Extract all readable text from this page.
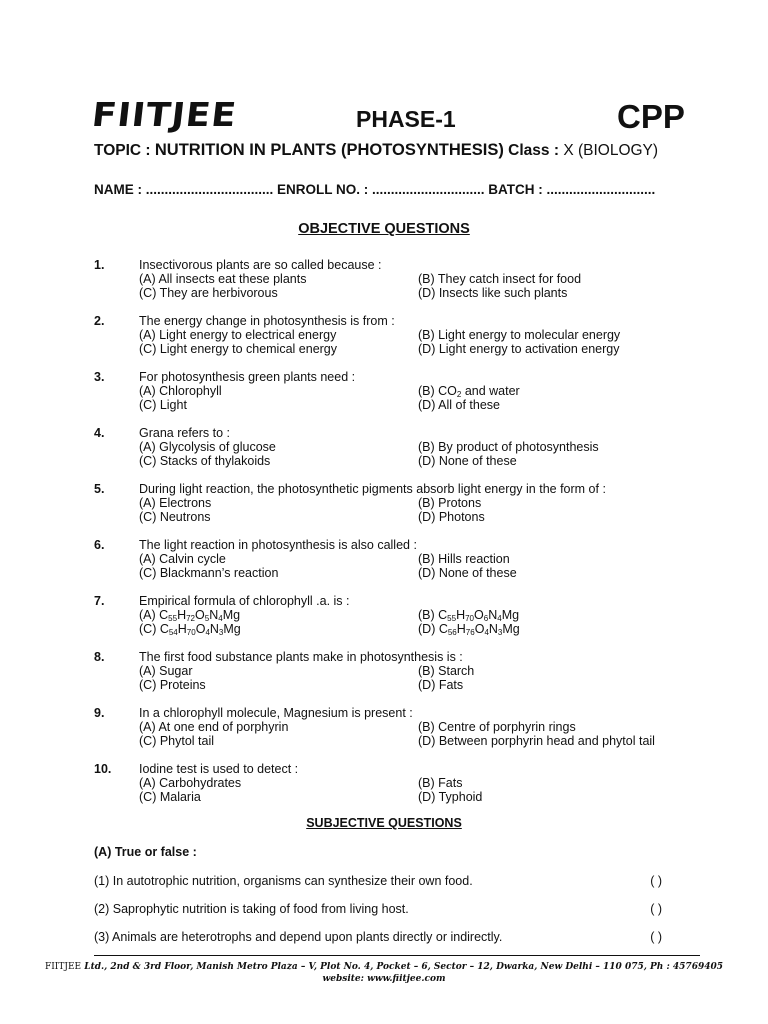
FIITJEE	PHASE-1	CPP
TOPIC : NUTRITION IN PLANTS (PHOTOSYNTHESIS) Class : X (BIOLOGY)
NAME : .................................. ENROLL NO. : .............................. BATCH : .............................
OBJECTIVE QUESTIONS
1.	Insectivorous plants are so called because :
(A) All insects eat these plants	(B) They catch insect for food
(C) They are herbivorous	(D) Insects like such plants
2.	The energy change in photosynthesis is from :
(A) Light energy to electrical energy	(B) Light energy to molecular energy
(C) Light energy to chemical energy	(D) Light energy to activation energy
3.	For photosynthesis green plants need :
(A) Chlorophyll	(B) $CO_2$ and water
(C) Light	(D) All of these
4.	Grana refers to :
(A) Glycolysis of glucose	(B) By product of photosynthesis
(C) Stacks of thylakoids	(D) None of these
5.	During light reaction, the photosynthetic pigments absorb light energy in the form of :
(A) Electrons	(B) Protons
(C) Neutrons	(D) Photons
6.	The light reaction in photosynthesis is also called :
(A) Calvin cycle	(B) Hills reaction
(C) Blackmann’s reaction	(D) None of these
7.	Empirical formula of chlorophyll .a. is :
(A) $C_{55}H_{72}O_5N_4Mg$	(B) $C_{55}H_{70}O_6N_4Mg$
(C) $C_{54}H_{70}O_4N_3Mg$	(D) $C_{56}H_{76}O_4N_3Mg$
8.	The first food substance plants make in photosynthesis is :
(A) Sugar	(B) Starch
(C) Proteins	(D) Fats
9.	In a chlorophyll molecule, Magnesium is present :
(A) At one end of porphyrin	(B) Centre of porphyrin rings
(C) Phytol tail	(D) Between porphyrin head and phytol tail
10. Iodine test is used to detect :
(A) Carbohydrates	(B) Fats
(C) Malaria	(D) Typhoid
SUBJECTIVE QUESTIONS
(A) True or false :
(1) In autotrophic nutrition, organisms can synthesize their own food.	( )
(2) Saprophytic nutrition is taking of food from living host.	( )
(3) Animals are heterotrophs and depend upon plants directly or indirectly.	( )
FIITJEE Ltd., 2nd & 3rd Floor, Manish Metro Plaza – V, Plot No. 4, Pocket – 6, Sector – 12, Dwarka, New Delhi – 110 075, Ph : 45769405
website: www.fiitjee.com
